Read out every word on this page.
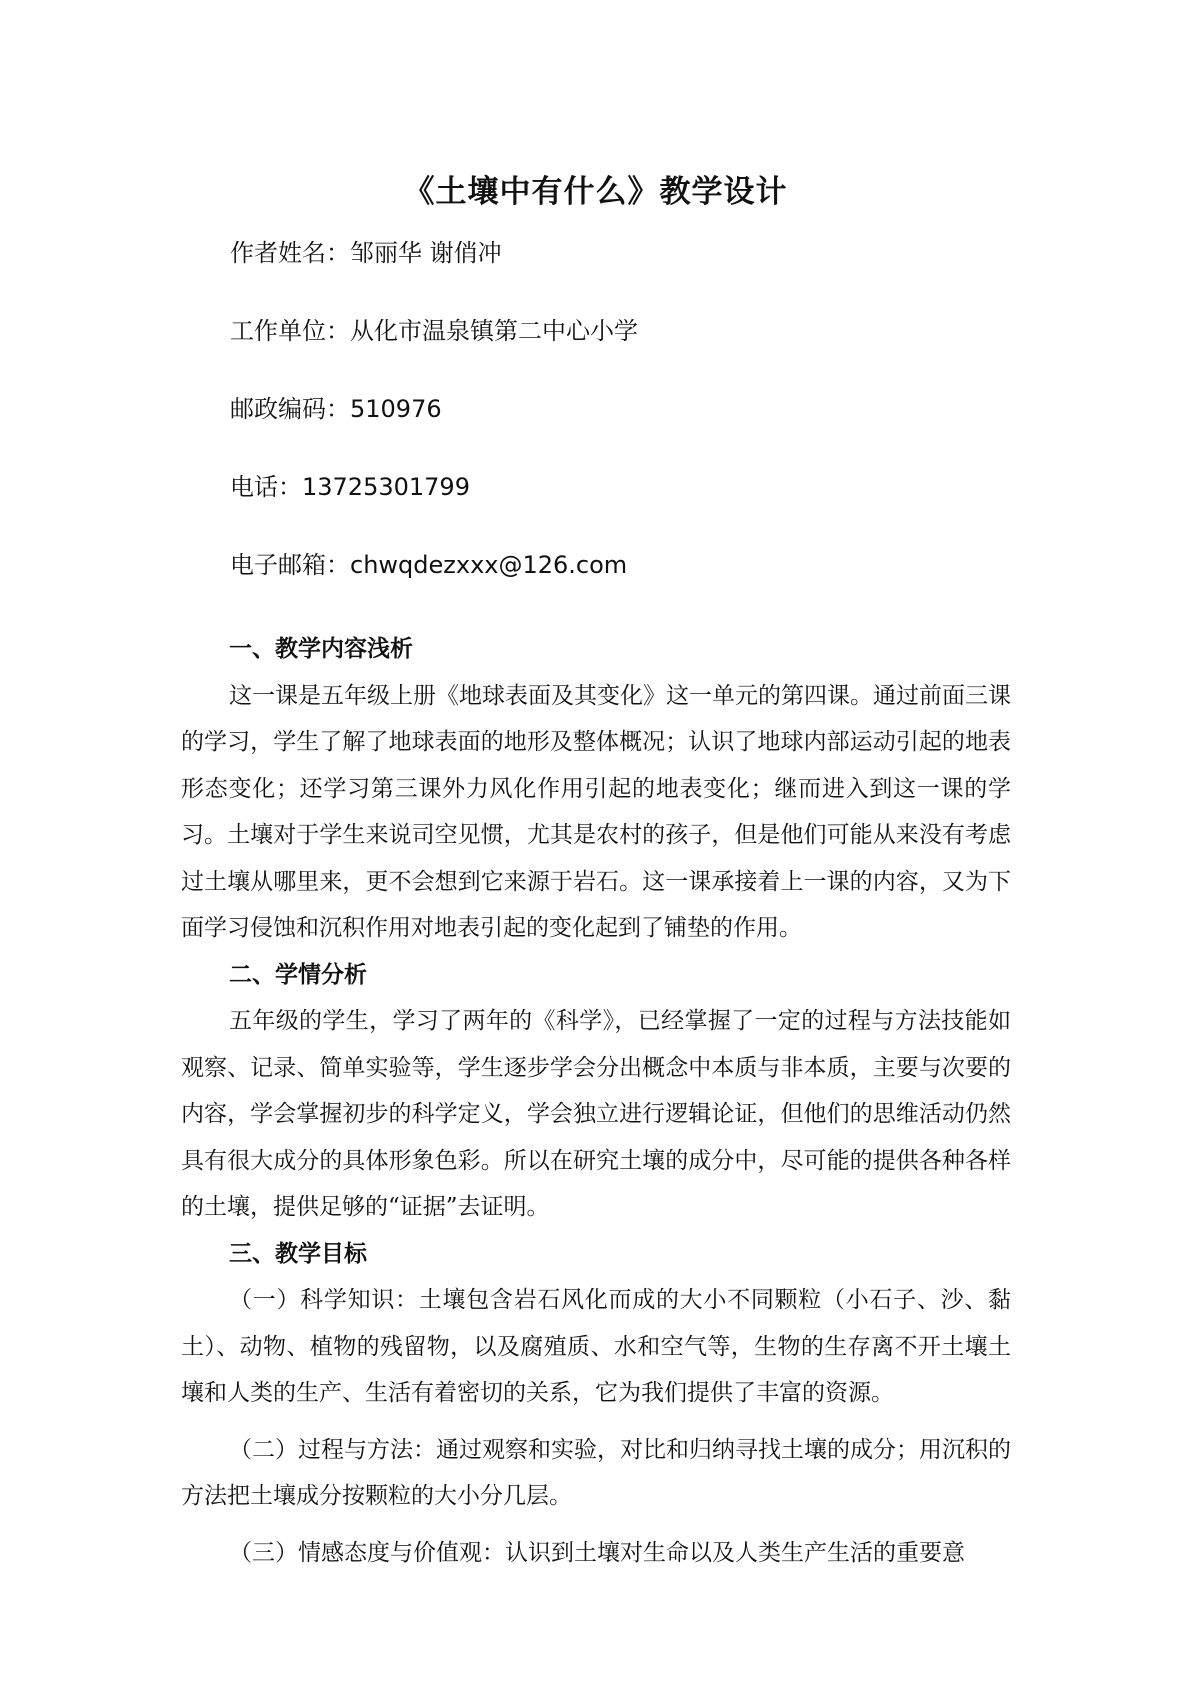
《土壤中有什么》教学设计
作者姓名：邹丽华 谢俏冲
工作单位：从化市温泉镇第二中心小学
邮政编码：510976
电话：13725301799
电子邮箱：chwqdezxxx@126.com

一、教学内容浅析

这一课是五年级上册《地球表面及其变化》这一单元的第四课。通过前面三课的学习，学生了解了地球表面的地形及整体概况；认识了地球内部运动引起的地表形态变化；还学习第三课外力风化作用引起的地表变化；继而进入到这一课的学习。土壤对于学生来说司空见惯，尤其是农村的孩子，但是他们可能从来没有考虑过土壤从哪里来，更不会想到它来源于岩石。这一课承接着上一课的内容，又为下面学习侵蚀和沉积作用对地表引起的变化起到了铺垫的作用。

二、学情分析

五年级的学生，学习了两年的《科学》，已经掌握了一定的过程与方法技能如观察、记录、简单实验等，学生逐步学会分出概念中本质与非本质，主要与次要的内容，学会掌握初步的科学定义，学会独立进行逻辑论证，但他们的思维活动仍然具有很大成分的具体形象色彩。所以在研究土壤的成分中，尽可能的提供各种各样的土壤，提供足够的“证据”去证明。

三、教学目标

（一）科学知识：土壤包含岩石风化而成的大小不同颗粒（小石子、沙、黏土）、动物、植物的残留物，以及腐殖质、水和空气等，生物的生存离不开土壤土壤和人类的生产、生活有着密切的关系，它为我们提供了丰富的资源。

（二）过程与方法：通过观察和实验，对比和归纳寻找土壤的成分；用沉积的方法把土壤成分按颗粒的大小分几层。

（三）情感态度与价值观：认识到土壤对生命以及人类生产生活的重要意
